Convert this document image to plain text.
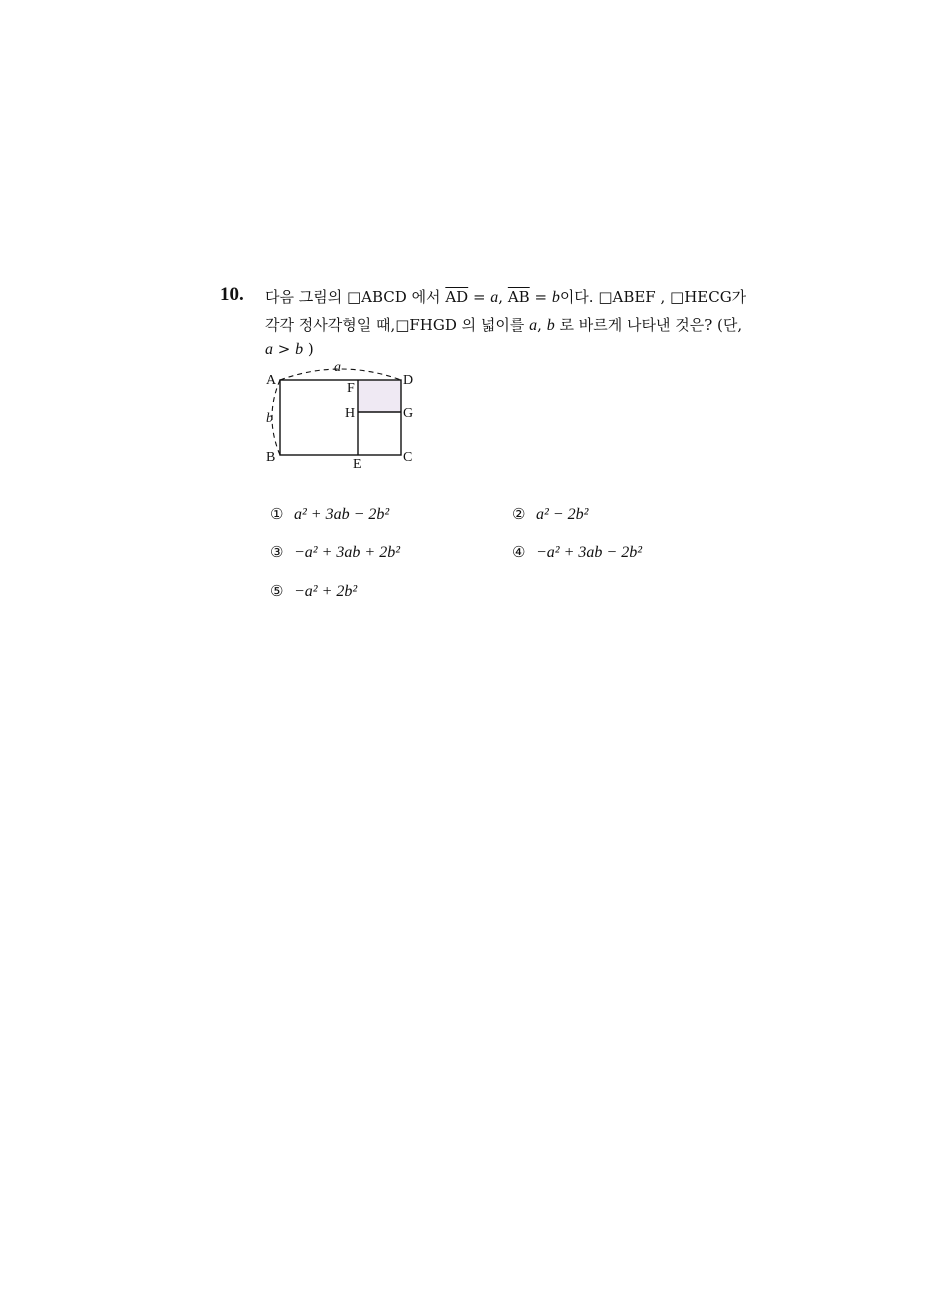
10. 다음 그림의 □ABCD 에서 $\overline{AD} = a$, $\overline{AB} = b$이다. □ABEF , □HECG가
각각 정사각형일 때,□FHGD 의 넓이를 a, b 로 바르게 나타낸 것은? (단,
a > b )
A
B	C
D
E
F
G
H
a
b
① a² + 3ab − 2b²	② a² − 2b²
③ −a² + 3ab + 2b²	④ −a² + 3ab − 2b²
⑤ −a² + 2b²
